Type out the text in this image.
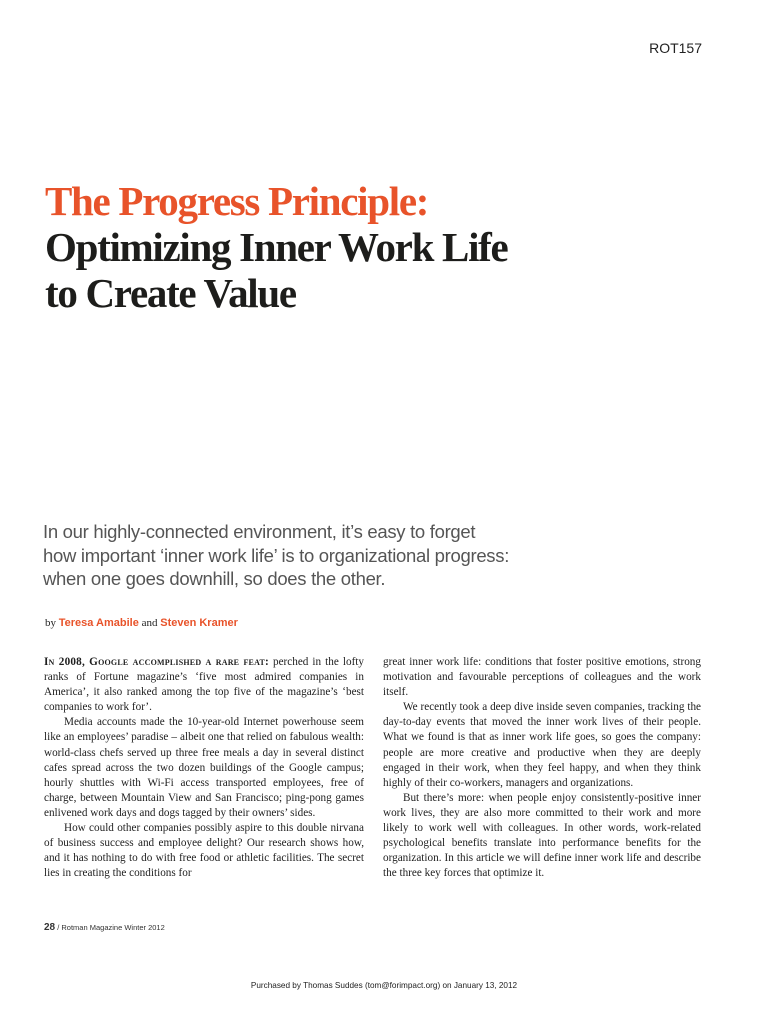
ROT157
The Progress Principle:
Optimizing Inner Work Life
to Create Value
In our highly-connected environment, it’s easy to forget
how important ‘inner work life’ is to organizational progress:
when one goes downhill, so does the other.
by Teresa Amabile and Steven Kramer

In 2008, Google accomplished a rare feat: perched in the lofty ranks of Fortune magazine’s ‘five most admired companies in America’, it also ranked among the top five of the magazine’s ‘best companies to work for’.

Media accounts made the 10-year-old Internet powerhouse seem like an employees’ paradise – albeit one that relied on fabulous wealth: world-class chefs served up three free meals a day in several distinct cafes spread across the two dozen buildings of the Google campus; hourly shuttles with Wi-Fi access transported employees, free of charge, between Mountain View and San Francisco; ping-pong games enlivened work days and dogs tagged by their owners’ sides.

How could other companies possibly aspire to this double nirvana of business success and employee delight? Our research shows how, and it has nothing to do with free food or athletic facilities. The secret lies in creating the conditions for

great inner work life: conditions that foster positive emotions, strong motivation and favourable perceptions of colleagues and the work itself.

We recently took a deep dive inside seven companies, tracking the day-to-day events that moved the inner work lives of their people. What we found is that as inner work life goes, so goes the company: people are more creative and productive when they are deeply engaged in their work, when they feel happy, and when they think highly of their co-workers, managers and organizations.

But there’s more: when people enjoy consistently-positive inner work lives, they are also more committed to their work and more likely to work well with colleagues. In other words, work-related psychological benefits translate into performance benefits for the organization. In this article we will define inner work life and describe the three key forces that optimize it.

28 / Rotman Magazine Winter 2012
Purchased by Thomas Suddes (tom@forimpact.org) on January 13, 2012
